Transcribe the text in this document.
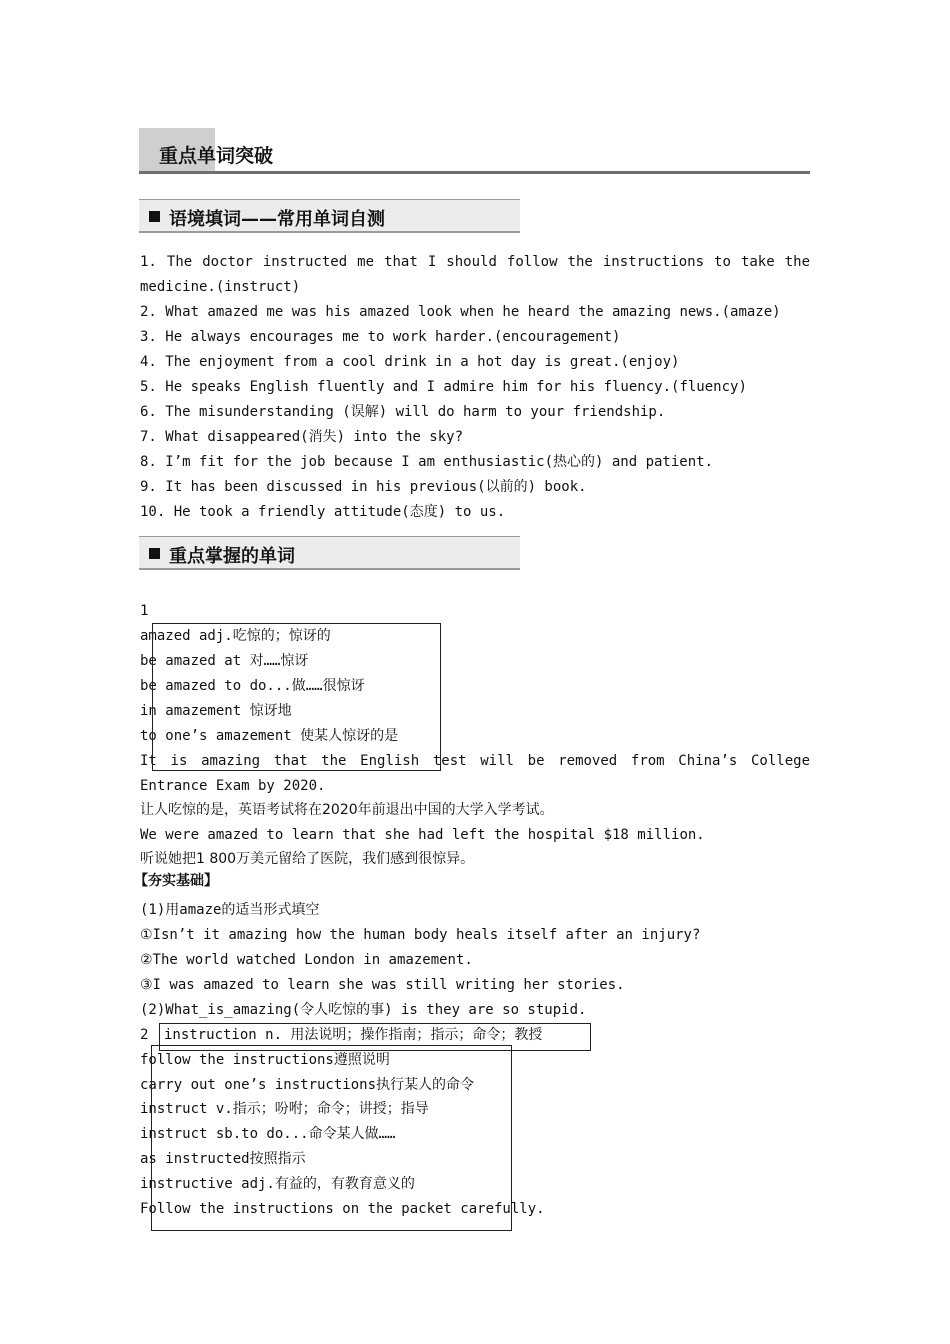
重点单词突破
语境填词——常用单词自测
1. The doctor instructed me that I should follow the instructions to take the
medicine.(instruct)
2. What amazed me was his amazed look when he heard the amazing news.(amaze)
3. He always encourages me to work harder.(encouragement)
4. The enjoyment from a cool drink in a hot day is great.(enjoy)
5. He speaks English fluently and I admire him for his fluency.(fluency)
6. The misunderstanding (误解) will do harm to your friendship.
7. What disappeared(消失) into the sky?
8. I’m fit for the job because I am enthusiastic(热心的) and patient.
9. It has been discussed in his previous(以前的) book.
10. He took a friendly attitude(态度) to us.
重点掌握的单词
1
amazed adj.吃惊的；惊讶的
be amazed at 对……惊讶
be amazed to do...做……很惊讶
in amazement 惊讶地
to one’s amazement 使某人惊讶的是
It is amazing that the English test will be removed from China’s College
Entrance Exam by 2020.
让人吃惊的是，英语考试将在2020年前退出中国的大学入学考试。
We were amazed to learn that she had left the hospital $18 million.
听说她把1 800万美元留给了医院，我们感到很惊异。
【夯实基础】
(1)用amaze的适当形式填空
①Isn’t it amazing how the human body heals itself after an injury?
②The world watched London in amazement.
③I was amazed to learn she was still writing her stories.
(2)What_is_amazing(令人吃惊的事) is they are so stupid.
2 instruction n. 用法说明；操作指南；指示；命令；教授
follow the instructions遵照说明
carry out one’s instructions执行某人的命令
instruct v.指示；吩咐；命令；讲授；指导
instruct sb.to do...命令某人做……
as instructed按照指示
instructive adj.有益的，有教育意义的
Follow the instructions on the packet carefully.
